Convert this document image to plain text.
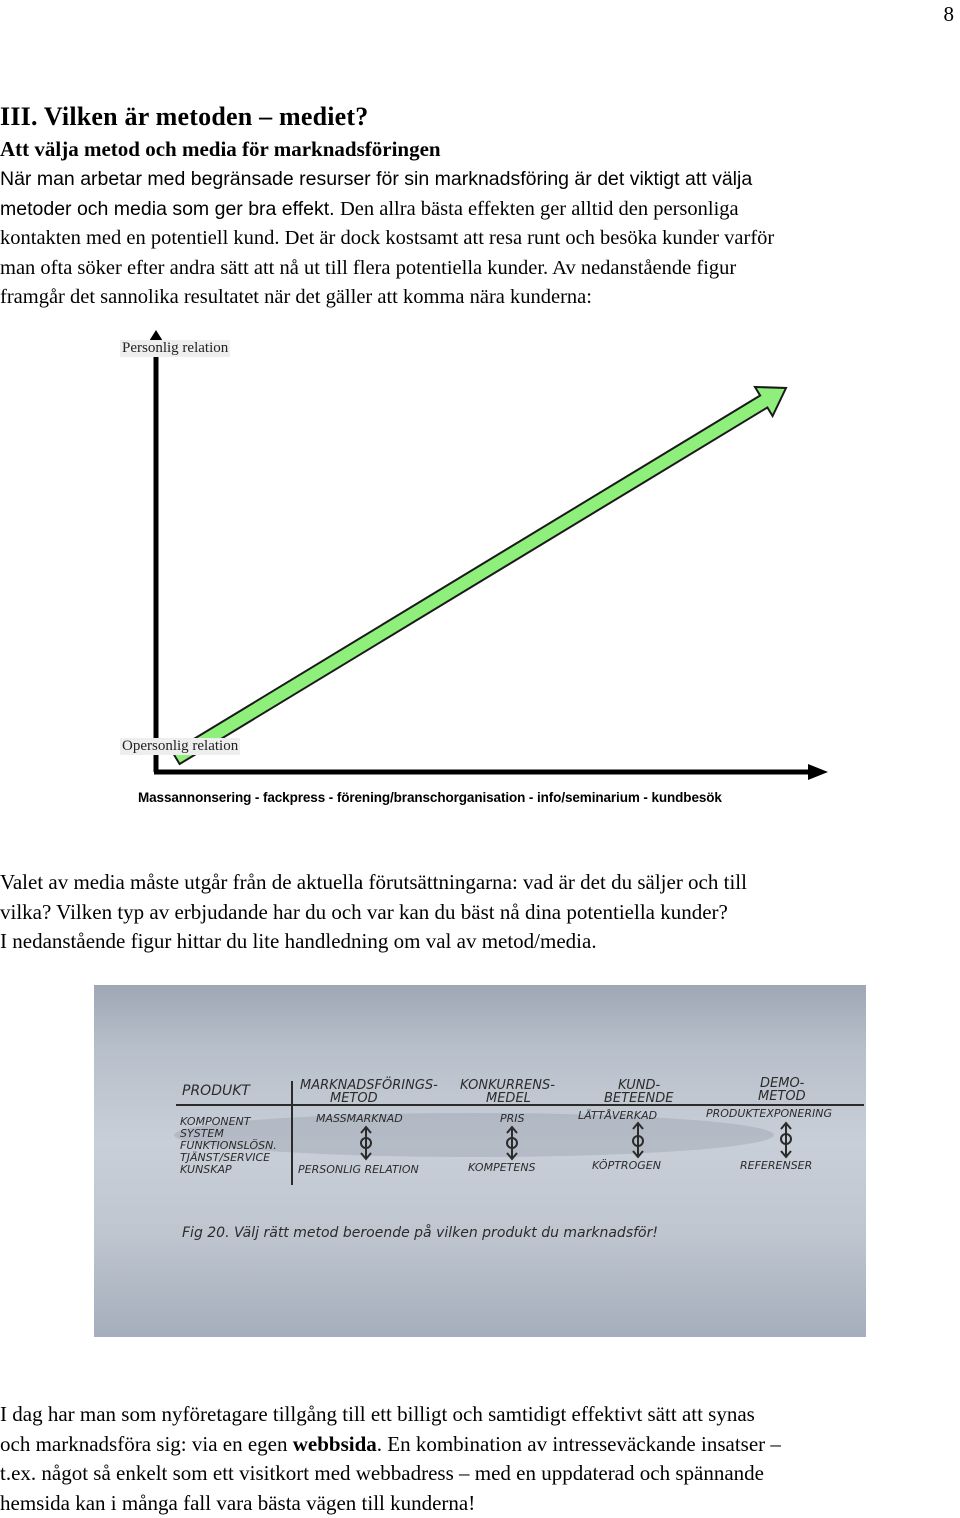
8
III. Vilken är metoden – mediet?
Att välja metod och media för marknadsföringen
När man arbetar med begränsade resurser för sin marknadsföring är det viktigt att välja
metoder och media som ger bra effekt. Den allra bästa effekten ger alltid den personliga
kontakten med en potentiell kund. Det är dock kostsamt att resa runt och besöka kunder varför
man ofta söker efter andra sätt att nå ut till flera potentiella kunder. Av nedanstående figur
framgår det sannolika resultatet när det gäller att komma nära kunderna:
Personlig relation
Opersonlig relation
Massannonsering - fackpress - förening/branschorganisation - info/seminarium - kundbesök
Valet av media måste utgår från de aktuella förutsättningarna: vad är det du säljer och till
vilka? Vilken typ av erbjudande har du och var kan du bäst nå dina potentiella kunder?
I nedanstående figur hittar du lite handledning om val av metod/media.
PRODUKT	MARKNADSFÖRINGS-
METOD
KONKURRENS-
MEDEL
KUND-
BETEENDE
DEMO-
METOD
KOMPONENT
SYSTEM
FUNKTIONSLÖSN.
TJÄNST/SERVICE
KUNSKAP
MASSMARKNAD
PERSONLIG RELATION
PRIS
KOMPETENS
LÄTTÅVERKAD
KÖPTROGEN
PRODUKTEXPONERING
REFERENSER
Fig 20. Välj rätt metod beroende på vilken produkt du marknadsför!
I dag har man som nyföretagare tillgång till ett billigt och samtidigt effektivt sätt att synas
och marknadsföra sig: via en egen webbsida. En kombination av intresseväckande insatser –
t.ex. något så enkelt som ett visitkort med webbadress – med en uppdaterad och spännande
hemsida kan i många fall vara bästa vägen till kunderna!
